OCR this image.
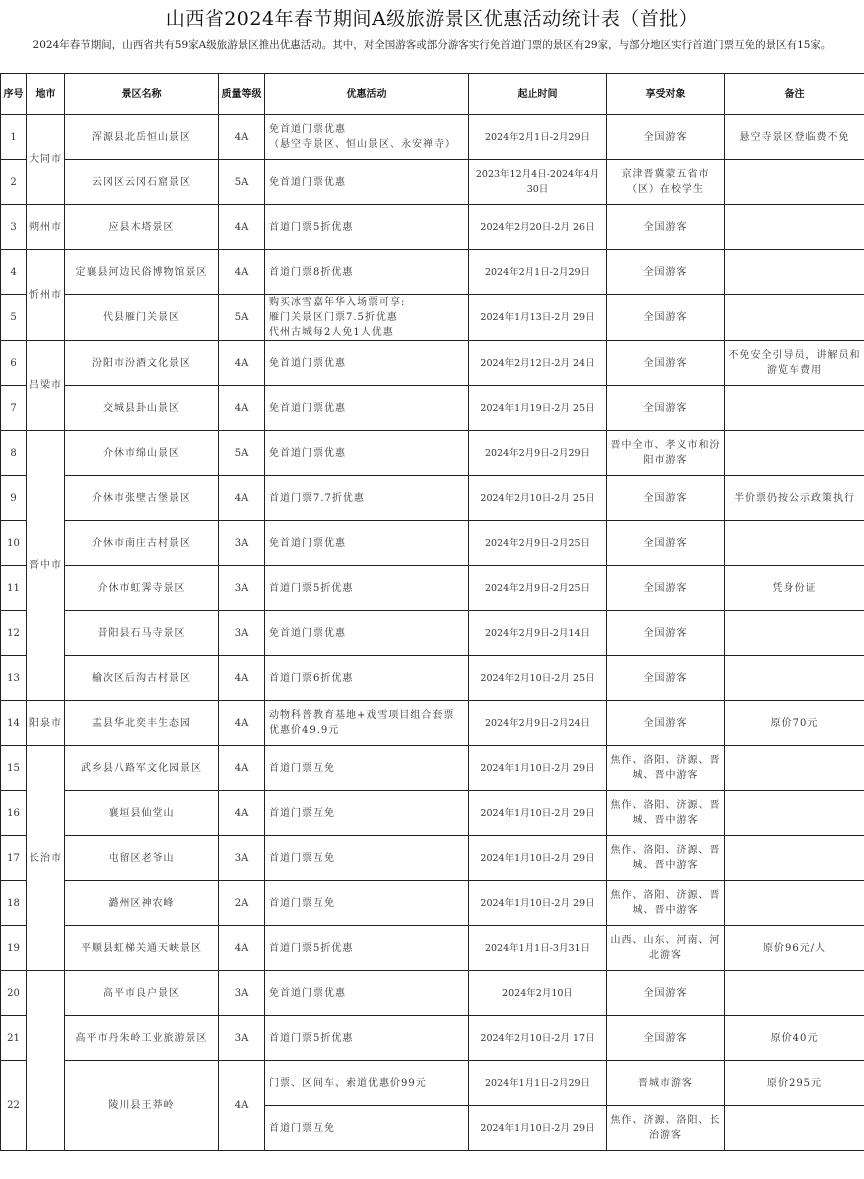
山西省2024年春节期间A级旅游景区优惠活动统计表（首批）
2024年春节期间，山西省共有59家A级旅游景区推出优惠活动。其中，对全国游客或部分游客实行免首道门票的景区有29家，与部分地区实行首道门票互免的景区有15家。
序号	地市	景区名称	质量等级	优惠活动	起止时间	享受对象	备注
1	大同市	浑源县北岳恒山景区	4A	免首道门票优惠
（悬空寺景区、恒山景区、永安禅寺）	2024年2月1日-2月29日	全国游客	悬空寺景区登临费不免
2		云冈区云冈石窟景区	5A	免首道门票优惠	2023年12月4日-2024年4月30日	京津晋冀蒙五省市（区）在校学生	
3	朔州市	应县木塔景区	4A	首道门票5折优惠	2024年2月20日-2月 26日	全国游客	
4	忻州市	定襄县河边民俗博物馆景区	4A	首道门票8折优惠	2024年2月1日-2月29日	全国游客	
5		代县雁门关景区	5A	购买冰雪嘉年华入场票可享:
雁门关景区门票7.5折优惠
代州古城每2人免1人优惠	2024年1月13日-2月 29日	全国游客	
6	吕梁市	汾阳市汾酒文化景区	4A	免首道门票优惠	2024年2月12日-2月 24日	全国游客	不免安全引导员，讲解员和游览车费用
7		交城县卦山景区	4A	免首道门票优惠	2024年1月19日-2月 25日	全国游客	
8	晋中市	介休市绵山景区	5A	免首道门票优惠	2024年2月9日-2月29日	晋中全市、孝义市和汾阳市游客	
9		介休市张壁古堡景区	4A	首道门票7.7折优惠	2024年2月10日-2月 25日	全国游客	半价票仍按公示政策执行
10		介休市南庄古村景区	3A	免首道门票优惠	2024年2月9日-2月25日	全国游客	
11		介休市虹霁寺景区	3A	首道门票5折优惠	2024年2月9日-2月25日	全国游客	凭身份证
12		昔阳县石马寺景区	3A	免首道门票优惠	2024年2月9日-2月14日	全国游客	
13		榆次区后沟古村景区	4A	首道门票6折优惠	2024年2月10日-2月 25日	全国游客	
14	阳泉市	盂县华北奕丰生态园	4A	动物科普教育基地+戏雪项目组合套票
优惠价49.9元	2024年2月9日-2月24日	全国游客	原价70元
15	长治市	武乡县八路军文化园景区	4A	首道门票互免	2024年1月10日-2月 29日	焦作、洛阳、济源、晋城、晋中游客	
16		襄垣县仙堂山	4A	首道门票互免	2024年1月10日-2月 29日	焦作、洛阳、济源、晋城、晋中游客	
17		屯留区老爷山	3A	首道门票互免	2024年1月10日-2月 29日	焦作、洛阳、济源、晋城、晋中游客	
18		潞州区神农峰	2A	首道门票互免	2024年1月10日-2月 29日	焦作、洛阳、济源、晋城、晋中游客	
19		平顺县虹梯关通天峡景区	4A	首道门票5折优惠	2024年1月1日-3月31日	山西、山东、河南、河北游客	原价96元/人
20		高平市良户景区	3A	免首道门票优惠	2024年2月10日	全国游客	
21		高平市丹朱岭工业旅游景区	3A	首道门票5折优惠	2024年2月10日-2月 17日	全国游客	原价40元
22		陵川县王莽岭	4A	门票、区间车、索道优惠价99元	2024年1月1日-2月29日	晋城市游客	原价295元
				首道门票互免	2024年1月10日-2月 29日	焦作、济源、洛阳、长治游客	
